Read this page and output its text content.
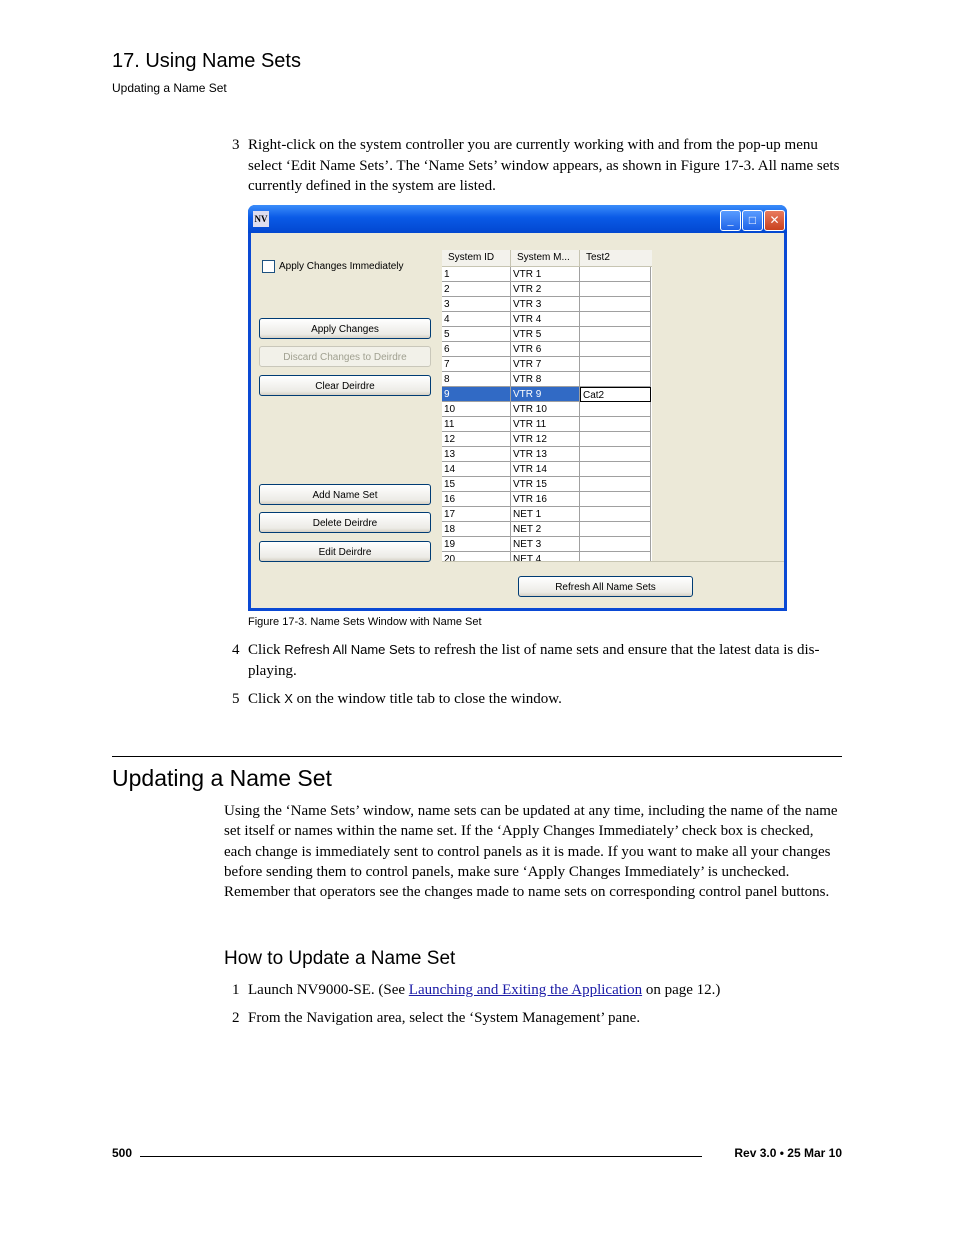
17. Using Name Sets
Updating a Name Set
3 Right-click on the system controller you are currently working with and from the pop-up menu select ‘Edit Name Sets’. The ‘Name Sets’ window appears, as shown in Figure 17-3. All name sets currently defined in the system are listed.
NV	_	□	✕
Apply Changes Immediately
Apply Changes
Discard Changes to Deirdre
Clear Deirdre
Add Name Set
Delete Deirdre
Edit Deirdre
System ID	System M...	Test2
1	VTR 1
2	VTR 2
3	VTR 3
4	VTR 4
5	VTR 5
6	VTR 6
7	VTR 7
8	VTR 8
9	VTR 9	Cat2
10	VTR 10
11	VTR 11
12	VTR 12
13	VTR 13
14	VTR 14
15	VTR 15
16	VTR 16
17	NET 1
18	NET 2
19	NET 3
20	NET 4
Refresh All Name Sets
Figure 17-3. Name Sets Window with Name Set
4 Click Refresh All Name Sets to refresh the list of name sets and ensure that the latest data is dis-playing.
5 Click X on the window title tab to close the window.
Updating a Name Set
Using the ‘Name Sets’ window, name sets can be updated at any time, including the name of the name set itself or names within the name set. If the ‘Apply Changes Immediately’ check box is checked, each change is immediately sent to control panels as it is made. If you want to make all your changes before sending them to control panels, make sure ‘Apply Changes Immediately’ is unchecked. Remember that operators see the changes made to name sets on corresponding control panel buttons.
How to Update a Name Set
1 Launch NV9000-SE. (See Launching and Exiting the Application on page 12.)
2 From the Navigation area, select the ‘System Management’ pane.
500	Rev 3.0 • 25 Mar 10
